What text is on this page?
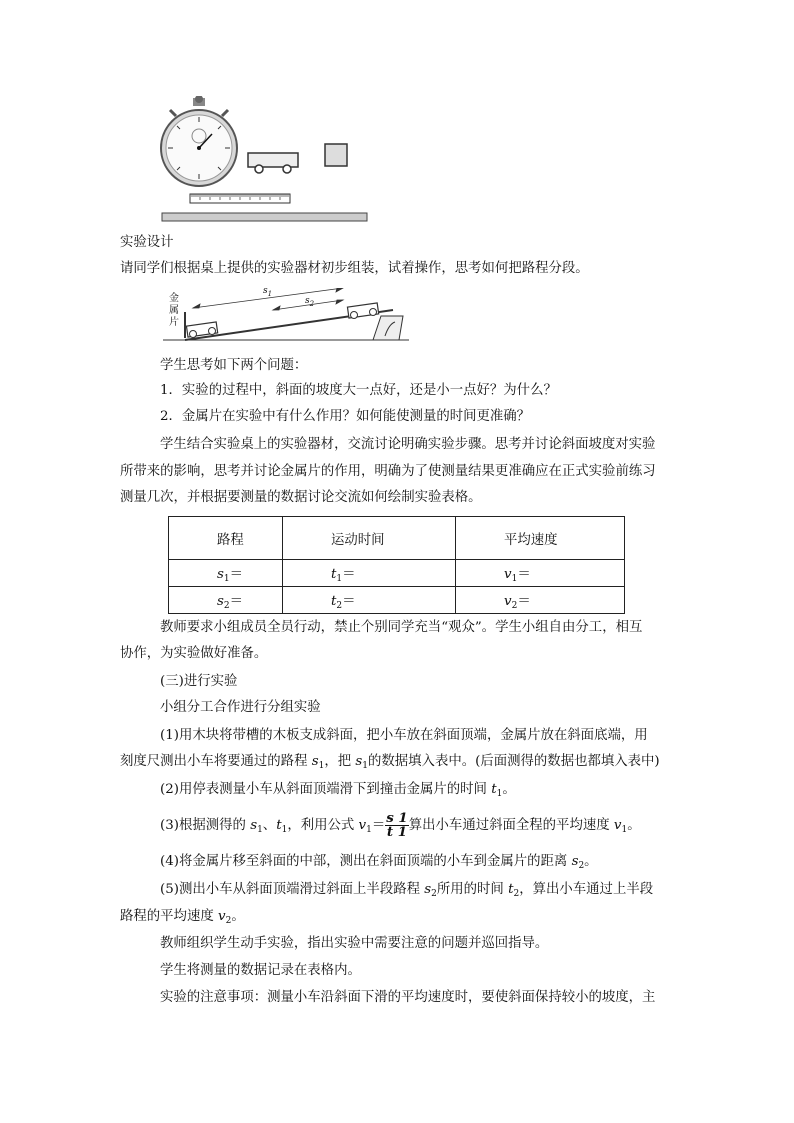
实验设计
请同学们根据桌上提供的实验器材初步组装，试着操作，思考如何把路程分段。
金
属
片
$s_1$
$s_2$
学生思考如下两个问题：
1．实验的过程中，斜面的坡度大一点好，还是小一点好？为什么？
2．金属片在实验中有什么作用？如何能使测量的时间更准确？
学生结合实验桌上的实验器材，交流讨论明确实验步骤。思考并讨论斜面坡度对实验
所带来的影响，思考并讨论金属片的作用，明确为了使测量结果更准确应在正式实验前练习
测量几次，并根据要测量的数据讨论交流如何绘制实验表格。
路程	运动时间	平均速度
$s_1=$	$t_1=$	$v_1=$
$s_2=$	$t_2=$	$v_2=$
教师要求小组成员全员行动，禁止个别同学充当“观众”。学生小组自由分工，相互
协作，为实验做好准备。
(三)进行实验
小组分工合作进行分组实验
(1)用木块将带槽的木板支成斜面，把小车放在斜面顶端，金属片放在斜面底端，用
刻度尺测出小车将要通过的路程 $s_1$，把 $s_1$的数据填入表中。(后面测得的数据也都填入表中)
(2)用停表测量小车从斜面顶端滑下到撞击金属片的时间 $t_1$。
(3)根据测得的 $s_1$、$t_1$，利用公式 $v_1= \frac{s 1}{t 1}$ 算出小车通过斜面全程的平均速度 $v_1$。
(4)将金属片移至斜面的中部，测出在斜面顶端的小车到金属片的距离 $s_2$。
(5)测出小车从斜面顶端滑过斜面上半段路程 $s_2$所用的时间 $t_2$，算出小车通过上半段
路程的平均速度 $v_2$。
教师组织学生动手实验，指出实验中需要注意的问题并巡回指导。
学生将测量的数据记录在表格内。
实验的注意事项：测量小车沿斜面下滑的平均速度时，要使斜面保持较小的坡度，主
